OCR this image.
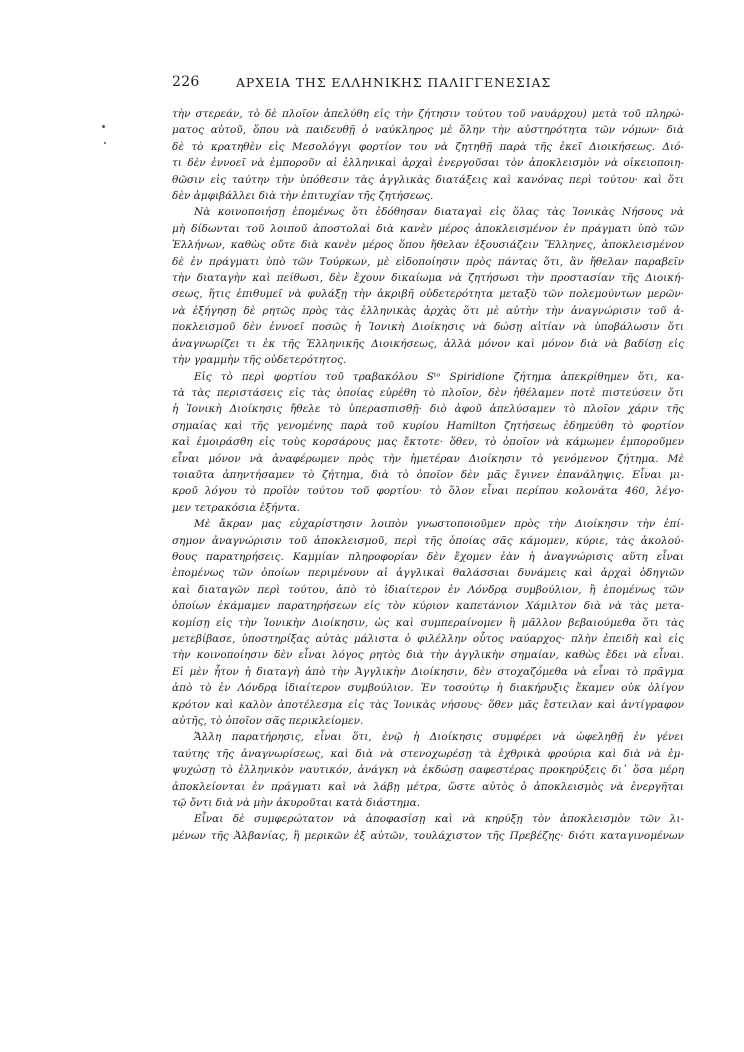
226	ΑΡΧΕΙΑ ΤΗΣ ΕΛΛΗΝΙΚΗΣ ΠΑΛΙΓΓΕΝΕΣΙΑΣ
τὴν στερεάν, τὸ δὲ πλοῖον ἀπελύθη εἰς τὴν ζήτησιν τούτου τοῦ ναυάρχου) μετὰ τοῦ πληρώ-
ματος αὐτοῦ, ὅπου νὰ παιδευθῇ ὁ ναύκληρος μὲ ὅλην τὴν αὐστηρότητα τῶν νόμων· διὰ
δὲ τὸ κρατηθὲν εἰς Μεσολόγγι φορτίον του νὰ ζητηθῇ παρὰ τῆς ἐκεῖ Διοικήσεως. Διό-
τι δὲν ἐννοεῖ νὰ ἐμποροῦν αἱ ἑλληνικαὶ ἀρχαὶ ἐνεργοῦσαι τὸν ἀποκλεισμὸν νὰ οἰκειοποιη-
θῶσιν εἰς ταύτην τὴν ὑπόθεσιν τὰς ἀγγλικὰς διατάξεις καὶ κανόνας περὶ τούτου· καὶ ὅτι
δὲν ἀμφιβάλλει διὰ τὴν ἐπιτυχίαν τῆς ζητήσεως.
Νὰ κοινοποιήσῃ ἑπομένως ὅτι ἐδόθησαν διαταγαὶ εἰς ὅλας τὰς Ἰονικὰς Νήσους νὰ
μὴ δίδωνται τοῦ λοιποῦ ἀποστολαὶ διὰ κανὲν μέρος ἀποκλεισμένον ἐν πράγματι ὑπὸ τῶν
Ἑλλήνων, καθὼς οὔτε διὰ κανὲν μέρος ὅπου ἤθελαν ἐξουσιάζειν Ἕλληνες, ἀποκλεισμένον
δὲ ἐν πράγματι ὑπὸ τῶν Τούρκων, μὲ εἰδοποίησιν πρὸς πάντας ὅτι, ἂν ἤθελαν παραβεῖν
τὴν διαταγὴν καὶ πείθωσι, δὲν ἔχουν δικαίωμα νὰ ζητήσωσι τὴν προστασίαν τῆς Διοική-
σεως, ἥτις ἐπιθυμεῖ νὰ φυλάξῃ τὴν ἀκριβῆ οὐδετερότητα μεταξὺ τῶν πολεμούντων μερῶν·
νὰ ἐξήγησῃ δὲ ρητῶς πρὸς τὰς ἑλληνικὰς ἀρχὰς ὅτι μὲ αὐτὴν τὴν ἀναγνώρισιν τοῦ ἀ-
ποκλεισμοῦ δὲν ἐννοεῖ ποσῶς ἡ Ἰονικὴ Διοίκησις νὰ δώσῃ αἰτίαν νὰ ὑποβάλωσιν ὅτι
ἀναγνωρίζει τι ἐκ τῆς Ἑλληνικῆς Διοικήσεως, ἀλλὰ μόνον καὶ μόνον διὰ νὰ βαδίσῃ εἰς
τὴν γραμμὴν τῆς οὐδετερότητος.
Εἰς τὸ περὶ φορτίου τοῦ τραβακόλου Sᵗᵒ Spiridione ζήτημα ἀπεκρίθημεν ὅτι, κα-
τὰ τὰς περιστάσεις εἰς τὰς ὁποίας εὑρέθη τὸ πλοῖον, δὲν ἠθέλαμεν ποτὲ πιστεύσειν ὅτι
ἡ Ἰονικὴ Διοίκησις ἤθελε τὸ ὑπερασπισθῇ· διὸ ἀφοῦ ἀπελύσαμεν τὸ πλοῖον χάριν τῆς
σημαίας καὶ τῆς γενομένης παρὰ τοῦ κυρίου Hamilton ζητήσεως ἐδημεύθη τὸ φορτίον
καὶ ἐμοιράσθη εἰς τοὺς κορσάρους μας ἔκτοτε· ὅθεν, τὸ ὁποῖον νὰ κάμωμεν ἐμποροῦμεν
εἶναι μόνον νὰ ἀναφέρωμεν πρὸς τὴν ἡμετέραν Διοίκησιν τὸ γενόμενον ζήτημα. Μὲ
τοιαῦτα ἀπηντήσαμεν τὸ ζήτημα, διὰ τὸ ὁποῖον δὲν μᾶς ἔγινεν ἐπανάληψις. Εἶναι μι-
κροῦ λόγου τὸ προϊὸν τούτου τοῦ φορτίου· τὸ ὅλον εἶναι περίπου κολονάτα 460, λέγο-
μεν τετρακόσια ἑξήντα.
Μὲ ἄκραν μας εὐχαρίστησιν λοιπὸν γνωστοποιοῦμεν πρὸς τὴν Διοίκησιν τὴν ἐπί-
σημον ἀναγνώρισιν τοῦ ἀποκλεισμοῦ, περὶ τῆς ὁποίας σᾶς κάμομεν, κύριε, τὰς ἀκολού-
θους παρατηρήσεις. Καμμίαν πληροφορίαν δὲν ἔχομεν ἐὰν ἡ ἀναγνώρισις αὕτη εἶναι
ἑπομένως τῶν ὁποίων περιμένουν αἱ ἀγγλικαὶ θαλάσσιαι δυνάμεις καὶ ἀρχαὶ ὁδηγιῶν
καὶ διαταγῶν περὶ τούτου, ἀπὸ τὸ ἰδιαίτερον ἐν Λόνδρᾳ συμβούλιον, ἢ ἑπομένως τῶν
ὁποίων ἐκάμαμεν παρατηρήσεων εἰς τὸν κύριον καπετάνιον Χάμιλτον διὰ νὰ τὰς μετα-
κομίσῃ εἰς τὴν Ἰονικὴν Διοίκησιν, ὡς καὶ συμπεραίνομεν ἢ μᾶλλον βεβαιούμεθα ὅτι τὰς
μετεβίβασε, ὑποστηρίξας αὐτὰς μάλιστα ὁ φιλέλλην οὗτος ναύαρχος· πλὴν ἐπειδὴ καὶ εἰς
τὴν κοινοποίησιν δὲν εἶναι λόγος ρητὸς διὰ τὴν ἀγγλικὴν σημαίαν, καθὼς ἔδει νὰ εἶναι.
Εἰ μὲν ἦτον ἡ διαταγὴ ἀπὸ τὴν Ἀγγλικὴν Διοίκησιν, δὲν στοχαζόμεθα νὰ εἶναι τὸ πρᾶγμα
ἀπὸ τὸ ἐν Λόνδρᾳ ἰδιαίτερον συμβούλιον. Ἐν τοσούτῳ ἡ διακήρυξις ἔκαμεν οὐκ ὀλίγον
κρότον καὶ καλὸν ἀποτέλεσμα εἰς τὰς Ἰονικὰς νήσους· ὅθεν μᾶς ἔστειλαν καὶ ἀντίγραφον
αὐτῆς, τὸ ὁποῖον σᾶς περικλείομεν.
Ἄλλη παρατήρησις, εἶναι ὅτι, ἐνῷ ἡ Διοίκησις συμφέρει νὰ ὠφεληθῇ ἐν γένει
ταύτης τῆς ἀναγνωρίσεως, καὶ διὰ νὰ στενοχωρέσῃ τὰ ἐχθρικὰ φρούρια καὶ διὰ νὰ ἐμ-
ψυχώσῃ τὸ ἑλληνικὸν ναυτικόν, ἀνάγκη νὰ ἐκδώσῃ σαφεστέρας προκηρύξεις δι᾽ ὅσα μέρη
ἀποκλείονται ἐν πράγματι καὶ νὰ λάβῃ μέτρα, ὥστε αὐτὸς ὁ ἀποκλεισμὸς νὰ ἐνεργῆται
τῷ ὄντι διὰ νὰ μὴν ἀκυροῦται κατὰ διάστημα.
Εἶναι δὲ συμφερώτατον νὰ ἀποφασίσῃ καὶ νὰ κηρύξῃ τὸν ἀποκλεισμὸν τῶν λι-
μένων τῆς Ἀλβανίας, ἢ μερικῶν ἐξ αὐτῶν, τουλάχιστον τῆς Πρεβέζης· διότι καταγινομένων
